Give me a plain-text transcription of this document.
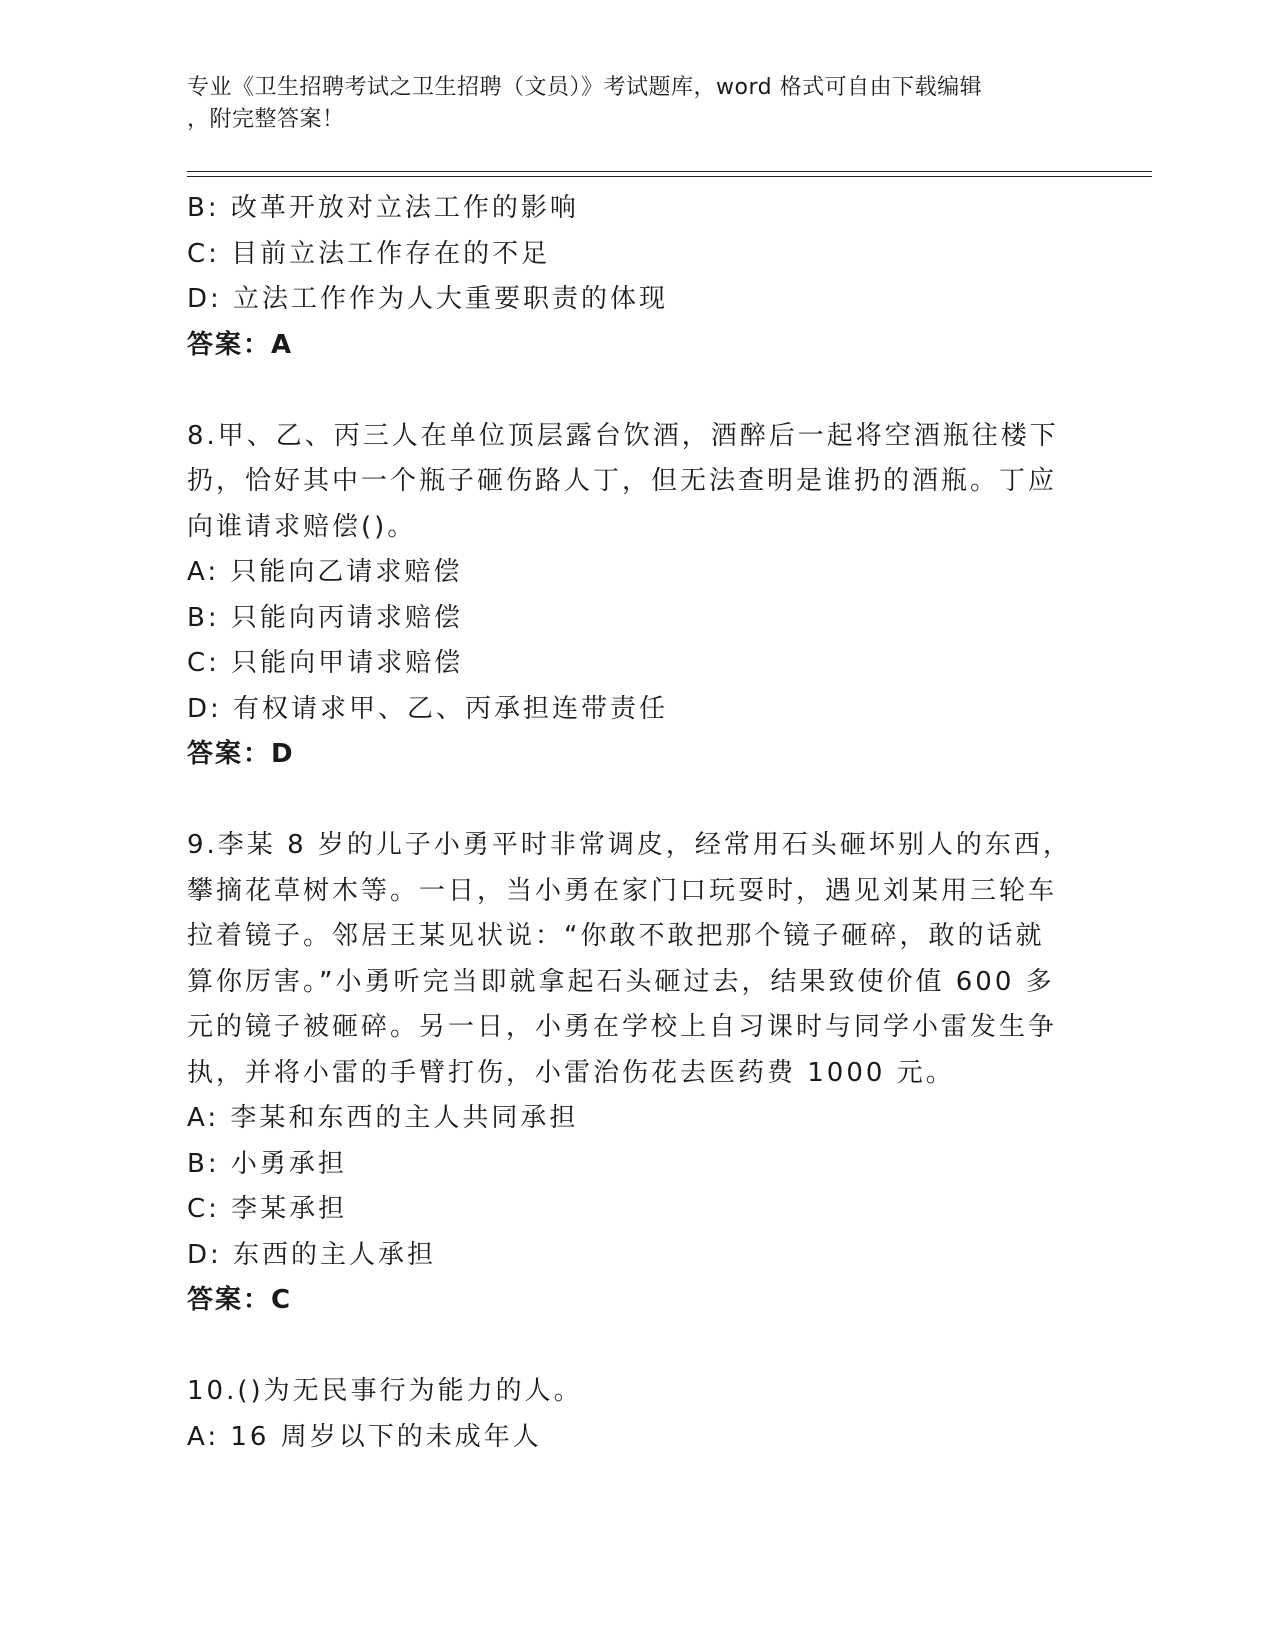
专业《卫生招聘考试之卫生招聘（文员）》考试题库，word 格式可自由下载编辑
，附完整答案！
B: 改革开放对立法工作的影响
C: 目前立法工作存在的不足
D: 立法工作作为人大重要职责的体现
答案：A
8.甲、乙、丙三人在单位顶层露台饮酒，酒醉后一起将空酒瓶往楼下
扔，恰好其中一个瓶子砸伤路人丁，但无法查明是谁扔的酒瓶。丁应
向谁请求赔偿()。
A: 只能向乙请求赔偿
B: 只能向丙请求赔偿
C: 只能向甲请求赔偿
D: 有权请求甲、乙、丙承担连带责任
答案：D
9.李某 8 岁的儿子小勇平时非常调皮，经常用石头砸坏别人的东西，
攀摘花草树木等。一日，当小勇在家门口玩耍时，遇见刘某用三轮车
拉着镜子。邻居王某见状说：“你敢不敢把那个镜子砸碎，敢的话就
算你厉害。”小勇听完当即就拿起石头砸过去，结果致使价值 600 多
元的镜子被砸碎。另一日，小勇在学校上自习课时与同学小雷发生争
执，并将小雷的手臂打伤，小雷治伤花去医药费 1000 元。
A: 李某和东西的主人共同承担
B: 小勇承担
C: 李某承担
D: 东西的主人承担
答案：C
10.()为无民事行为能力的人。
A: 16 周岁以下的未成年人
